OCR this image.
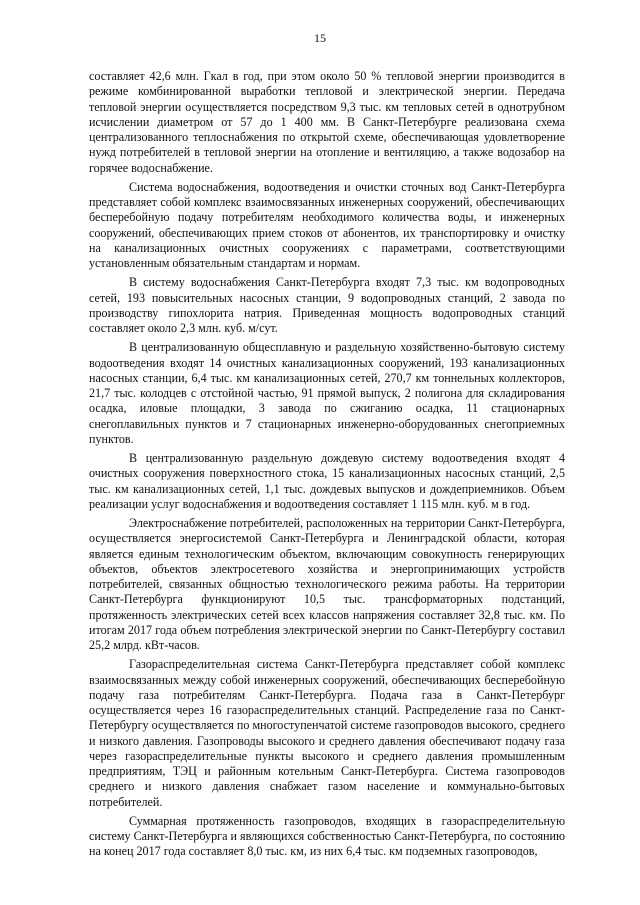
15

составляет 42,6 млн. Гкал в год, при этом около 50 % тепловой энергии производится в режиме комбинированной выработки тепловой и электрической энергии. Передача тепловой энергии осуществляется посредством 9,3 тыс. км тепловых сетей в однотрубном исчислении диаметром от 57 до 1 400 мм. В Санкт-Петербурге реализована схема централизованного теплоснабжения по открытой схеме, обеспечивающая удовлетворение нужд потребителей в тепловой энергии на отопление и вентиляцию, а также водозабор на горячее водоснабжение.

Система водоснабжения, водоотведения и очистки сточных вод Санкт-Петербурга представляет собой комплекс взаимосвязанных инженерных сооружений, обеспечивающих бесперебойную подачу потребителям необходимого количества воды, и инженерных сооружений, обеспечивающих прием стоков от абонентов, их транспортировку и очистку на канализационных очистных сооружениях с параметрами, соответствующими установленным обязательным стандартам и нормам.

В систему водоснабжения Санкт-Петербурга входят 7,3 тыс. км водопроводных сетей, 193 повысительных насосных станции, 9 водопроводных станций, 2 завода по производству гипохлорита натрия. Приведенная мощность водопроводных станций составляет около 2,3 млн. куб. м/сут.

В централизованную общесплавную и раздельную хозяйственно-бытовую систему водоотведения входят 14 очистных канализационных сооружений, 193 канализационных насосных станции, 6,4 тыс. км канализационных сетей, 270,7 км тоннельных коллекторов, 21,7 тыс. колодцев с отстойной частью, 91 прямой выпуск, 2 полигона для складирования осадка, иловые площадки, 3 завода по сжиганию осадка, 11 стационарных снегоплавильных пунктов и 7 стационарных инженерно-оборудованных снегоприемных пунктов.

В централизованную раздельную дождевую систему водоотведения входят 4 очистных сооружения поверхностного стока, 15 канализационных насосных станций, 2,5 тыс. км канализационных сетей, 1,1 тыс. дождевых выпусков и дождеприемников. Объем реализации услуг водоснабжения и водоотведения составляет 1 115 млн. куб. м в год.

Электроснабжение потребителей, расположенных на территории Санкт-Петербурга, осуществляется энергосистемой Санкт-Петербурга и Ленинградской области, которая является единым технологическим объектом, включающим совокупность генерирующих объектов, объектов электросетевого хозяйства и энергопринимающих устройств потребителей, связанных общностью технологического режима работы. На территории Санкт-Петербурга функционируют 10,5 тыс. трансформаторных подстанций, протяженность электрических сетей всех классов напряжения составляет 32,8 тыс. км. По итогам 2017 года объем потребления электрической энергии по Санкт-Петербургу составил 25,2 млрд. кВт-часов.

Газораспределительная система Санкт-Петербурга представляет собой комплекс взаимосвязанных между собой инженерных сооружений, обеспечивающих бесперебойную подачу газа потребителям Санкт-Петербурга. Подача газа в Санкт-Петербург осуществляется через 16 газораспределительных станций. Распределение газа по Санкт-Петербургу осуществляется по многоступенчатой системе газопроводов высокого, среднего и низкого давления. Газопроводы высокого и среднего давления обеспечивают подачу газа через газораспределительные пункты высокого и среднего давления промышленным предприятиям, ТЭЦ и районным котельным Санкт-Петербурга. Система газопроводов среднего и низкого давления снабжает газом население и коммунально-бытовых потребителей.

Суммарная протяженность газопроводов, входящих в газораспределительную систему Санкт-Петербурга и являющихся собственностью Санкт-Петербурга, по состоянию на конец 2017 года составляет 8,0 тыс. км, из них 6,4 тыс. км подземных газопроводов,
